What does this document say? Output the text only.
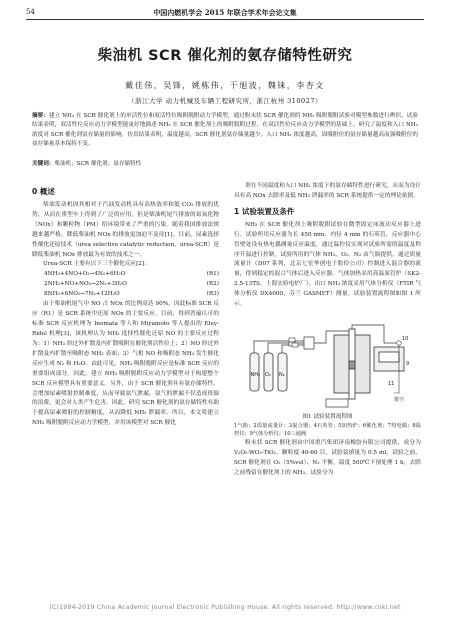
54	中国内燃机学会 2015 年联合学术年会论文集
柴油机 SCR 催化剂的氨存储特性研究
戴佳伟，吴锋，姚栋伟，干旭波，魏铼，李杏文
（浙江大学 动力机械及车辆工程研究所，浙江杭州 310027）
摘要：建立 NH₃ 在 SCR 催化剂上的单活性位和双活性位吸附脱附动力学模型，通过粉末状 SCR 催化剂的 NH₃ 吸附脱附试验对模型参数进行辨识。试验结果表明，双活性位反应动力学模型能更好地描述 NH₃ 在 SCR 催化剂上的吸附脱附过程。在双活性位反应动力学模型的基础上，研究了温度和入口 NH₃ 浓度对 SCR 催化剂氨存储量的影响，仿真结果表明，温度越高，SCR 催化剂氨存储量越少；入口 NH₃ 浓度越高，固吸附位的氨存储量越高而强吸附位的氨存储量基本保持不变。
关键词：柴油机；SCR 催化剂；氨存储特性
0 概述

柴油发动机因其相对于汽油发动机具有高热效率和低 CO₂ 排放的优势，从而在重型车上得到了广泛的应用。但是柴油机尾气排放的氮氧化物（NOx）和颗粒物（PM）给环境带来了严重的污染。随着我国排放法规越来越严格，降低柴油机 NOx 的排放更加迫不及待[1]。目前，尿素选择性催化还原技术（urea selective catalytic reduction，urea-SCR）是降低柴油机 NOx 排放最为有效的技术之一。

Urea-SCR 主要有以下三个催化反应[2]：

4NH₃+4NO+O₂→4N₂+6H₂O	(R1)
2NH₃+NO+NO₂→2N₂+3H₂O	(R2)
8NH₃+6NO₂→7N₂+12H₂O	(R3)

由于柴油机尾气中 NO 占 NOx 的比例高达 90%，因此标准 SCR 反应（R1）是 SCR 系统中还原 NOx 的主要反应。目前，得到普遍认可的标准 SCR 反应机理为 Inomata 等人和 Miyamoto 等人提出的 Eley-Ridel 机理[3]，该机理认为 NH₃ 选择性催化还原 NO 的主要反应过程为：1）NH₃ 经过外扩散及内扩散吸附在催化剂活性位上；2）NO 经过外扩散及内扩散至吸附态 NH₃ 表面；3）气相 NO 和吸附态 NH₃ 发生催化反应生成 N₂ 和 H₂O。由此可见，NH₃ 吸附脱附反应是标准 SCR 反应的重要组成部分。因此，建立 NH₃ 吸附脱附反应动力学模型对于构建整个 SCR 反应模型具有重要意义。另外，由于 SCR 催化剂具有氨存储特性，会增加尿素喷射控制难度，从而导致氨气泄漏，氨气的泄漏不仅造成资源的浪费，更会对人类产生危害。因此，研究 SCR 催化剂的氨存储特性有助于提高尿素喷射的控制精度，从而降低 NH₃ 泄漏率。所以，本文将建立 NH₃ 吸附脱附反应动力学模型，并用该模型对 SCR 催化

剂在不同温度和入口 NH₃ 浓度下的氨存储特性进行研究，从而为设计具有高 NOx 去除率及低 NH₃ 泄漏率的 SCR 系统提供一定的理论依据。

1 试验装置及条件

NH₃ 在 SCR 催化剂上吸附脱附试验在微型固定床流动反应器上进行。试验所用反应器为长 450 mm，内径 4 mm 的石英管，反应器中心管壁处设有热电偶测量反应温度，通过温控仪实现对试验所需的温度及程序升温进行控制。试验所用的气体 NH₃、O₂、N₂ 由气瓶提供，通过质量流量计（D07 系列，北京七星华创电子股份公司）控制进入混合器的流量，得到稳定的混合气体后进入反应器。气体加热采用高温炭管炉（SK2-2.5-13TS，上海实验电炉厂）。出口 NH₃ 浓度采用气体分析仪（FTIR 气体分析仪 DX4000，芬兰 GASMET）测量。试验装置流程图如图 1 所示。

NH₃ O₂ N₂
10
11
9
排空
图1 试验装置流程图
1气瓶；2质量流量计；3混合器；4石英管；5加热炉；6催化剂；7热电偶；8温控仪；9气体分析仪；10三通阀

粉末状 SCR 催化剂由中国重汽集团济南橡胶有限公司提供，成分为 V₂O₅-WO₃-TiO₂，颗粒度 40-60 目，试验装填量为 0.5 ml，试验之前，SCR 催化剂在 O₂（5%vol）、N₂ 平衡，温度 500℃下预处理 1 h，去除之前残留在催化剂上的 NH₃。试验分为

(C)1994-2019 China Academic Journal Electronic Publishing House. All rights reserved. http://www.cnki.net
